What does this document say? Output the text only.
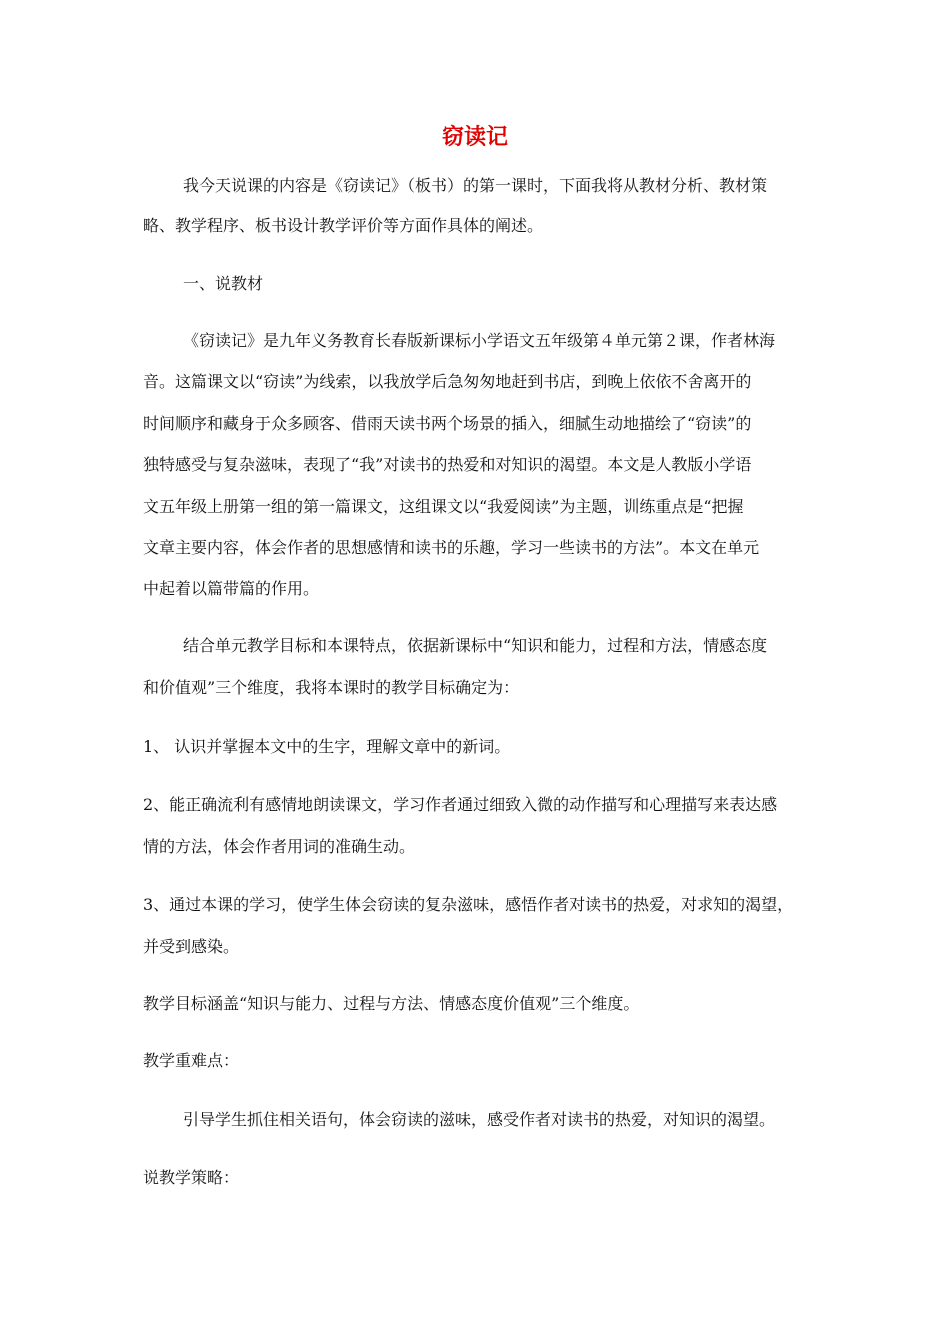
窃读记
我今天说课的内容是《窃读记》（板书）的第一课时，下面我将从教材分析、教材策
略、教学程序、板书设计教学评价等方面作具体的阐述。
一、说教材
《窃读记》是九年义务教育长春版新课标小学语文五年级第４单元第２课，作者林海
音。这篇课文以“窃读”为线索，以我放学后急匆匆地赶到书店，到晚上依依不舍离开的
时间顺序和藏身于众多顾客、借雨天读书两个场景的插入，细腻生动地描绘了“窃读”的
独特感受与复杂滋味，表现了“我”对读书的热爱和对知识的渴望。本文是人教版小学语
文五年级上册第一组的第一篇课文，这组课文以“我爱阅读”为主题，训练重点是“把握
文章主要内容，体会作者的思想感情和读书的乐趣，学习一些读书的方法”。本文在单元
中起着以篇带篇的作用。
结合单元教学目标和本课特点，依据新课标中“知识和能力，过程和方法，情感态度
和价值观”三个维度，我将本课时的教学目标确定为：
1、 认识并掌握本文中的生字，理解文章中的新词。
2、能正确流利有感情地朗读课文，学习作者通过细致入微的动作描写和心理描写来表达感
情的方法，体会作者用词的准确生动。
3、通过本课的学习，使学生体会窃读的复杂滋味，感悟作者对读书的热爱，对求知的渴望，
并受到感染。
教学目标涵盖“知识与能力、过程与方法、情感态度价值观”三个维度。
教学重难点：
引导学生抓住相关语句，体会窃读的滋味，感受作者对读书的热爱，对知识的渴望。
说教学策略：
